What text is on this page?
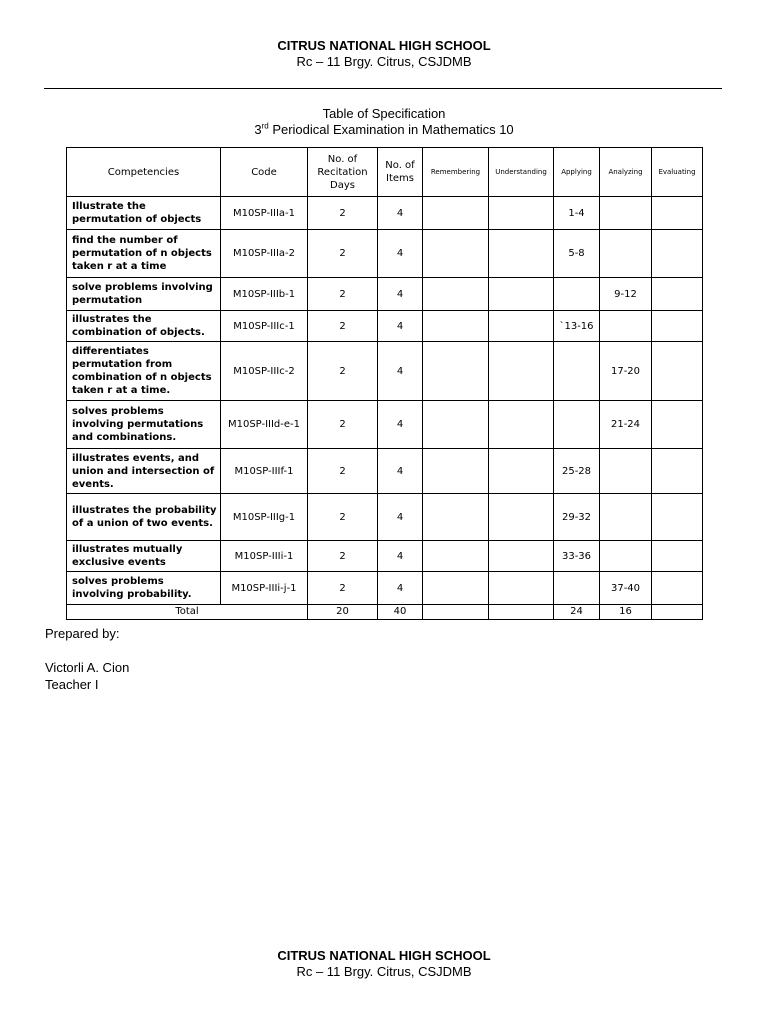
CITRUS NATIONAL HIGH SCHOOL
Rc – 11 Brgy. Citrus, CSJDMB
Table of Specification
3rd Periodical Examination in Mathematics 10
Competencies	Code	No. of Recitation Days	No. of Items	Remembering	Understanding	Applying	Analyzing	Evaluating
Illustrate the permutation of objects	M10SP-IIIa-1	2	4			1-4		
find the number of permutation of n objects taken r at a time	M10SP-IIIa-2	2	4			5-8		
solve problems involving permutation	M10SP-IIIb-1	2	4				9-12	
illustrates the combination of objects.	M10SP-IIIc-1	2	4			`13-16		
differentiates permutation from combination of n objects taken r at a time.	M10SP-IIIc-2	2	4				17-20	
solves problems involving permutations and combinations.	M10SP-IIId-e-1	2	4				21-24	
illustrates events, and union and intersection of events.	M10SP-IIIf-1	2	4			25-28		
illustrates the probability of a union of two events.	M10SP-IIIg-1	2	4			29-32		
illustrates mutually exclusive events	M10SP-IIIi-1	2	4			33-36		
solves problems involving probability.	M10SP-IIIi-j-1	2	4				37-40	
Total		20	40			24	16	
Prepared by:
Victorli A. Cion
Teacher I
CITRUS NATIONAL HIGH SCHOOL
Rc – 11 Brgy. Citrus, CSJDMB
